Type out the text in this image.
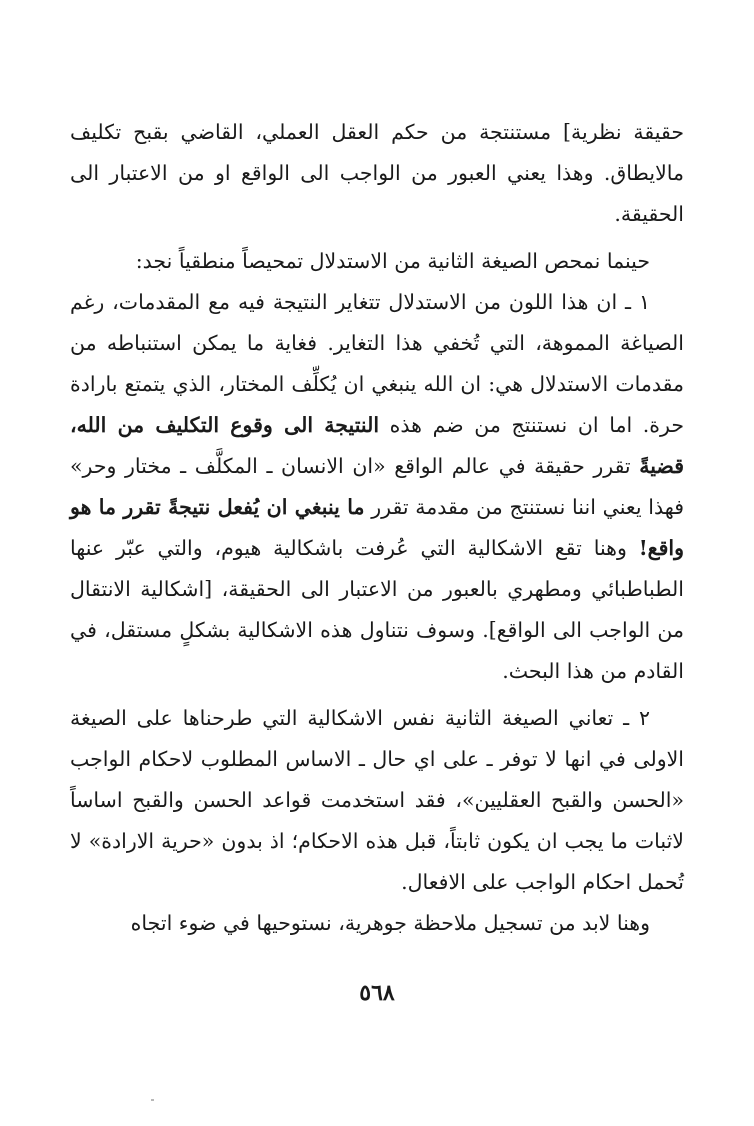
حقيقة نظرية] مستنتجة من حكم العقل العملي، القاضي بقبح تكليف مالايطاق. وهذا يعني العبور من الواجب الى الواقع او من الاعتبار الى الحقيقة.

حينما نمحص الصيغة الثانية من الاستدلال تمحيصاً منطقياً نجد:

١ ـ ان هذا اللون من الاستدلال تتغاير النتيجة فيه مع المقدمات، رغم الصياغة المموهة، التي تُخفي هذا التغاير. فغاية ما يمكن استنباطه من مقدمات الاستدلال هي: ان الله ينبغي ان يُكلِّف المختار، الذي يتمتع بارادة حرة. اما ان نستنتج من ضم هذه النتيجة الى وقوع التكليف من الله، قضيةً تقرر حقيقة في عالم الواقع «ان الانسان ـ المكلَّف ـ مختار وحر» فهذا يعني اننا نستنتج من مقدمة تقرر ما ينبغي ان يُفعل نتيجةً تقرر ما هو واقع! وهنا تقع الاشكالية التي عُرفت باشكالية هيوم، والتي عبّر عنها الطباطبائي ومطهري بالعبور من الاعتبار الى الحقيقة، [اشكالية الانتقال من الواجب الى الواقع]. وسوف نتناول هذه الاشكالية بشكلٍ مستقل، في القادم من هذا البحث.

٢ ـ تعاني الصيغة الثانية نفس الاشكالية التي طرحناها على الصيغة الاولى في انها لا توفر ـ على اي حال ـ الاساس المطلوب لاحكام الواجب «الحسن والقبح العقليين»، فقد استخدمت قواعد الحسن والقبح اساساً لاثبات ما يجب ان يكون ثابتاً، قبل هذه الاحكام؛ اذ بدون «حرية الارادة» لا تُحمل احكام الواجب على الافعال.

وهنا لابد من تسجيل ملاحظة جوهرية، نستوحيها في ضوء اتجاه

٥٦٨
